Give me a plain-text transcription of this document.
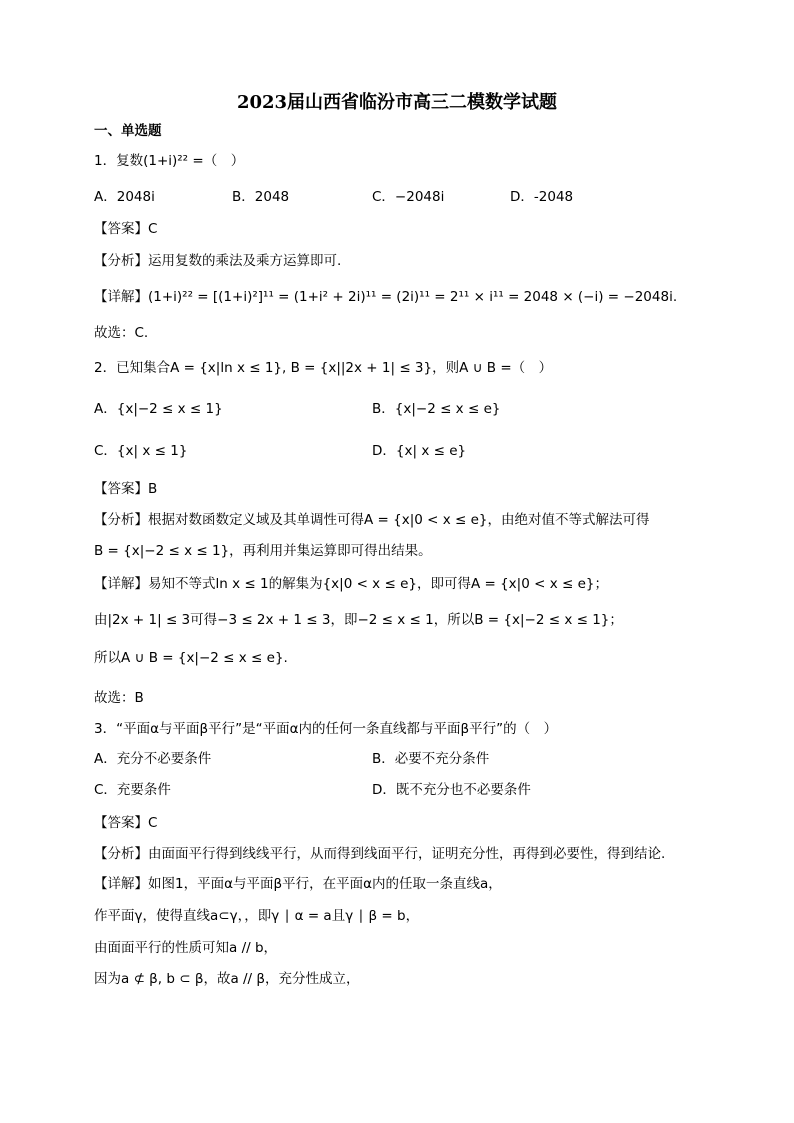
2023届山西省临汾市高三二模数学试题
一、单选题
1．复数(1+i)²² =（　）
A．2048i	B．2048	C．−2048i	D．-2048
【答案】C
【分析】运用复数的乘法及乘方运算即可.
【详解】(1+i)²² = [(1+i)²]¹¹ = (1+i² + 2i)¹¹ = (2i)¹¹ = 2¹¹ × i¹¹ = 2048 × (−i) = −2048i.
故选：C.
2．已知集合A = {x|ln x ≤ 1}, B = {x||2x + 1| ≤ 3}，则A ∪ B =（　）
A．{x|−2 ≤ x ≤ 1}	B．{x|−2 ≤ x ≤ e}
C．{x| x ≤ 1}	D．{x| x ≤ e}
【答案】B
【分析】根据对数函数定义域及其单调性可得A = {x|0 < x ≤ e}，由绝对值不等式解法可得
B = {x|−2 ≤ x ≤ 1}，再利用并集运算即可得出结果。
【详解】易知不等式ln x ≤ 1的解集为{x|0 < x ≤ e}，即可得A = {x|0 < x ≤ e}；
由|2x + 1| ≤ 3可得−3 ≤ 2x + 1 ≤ 3，即−2 ≤ x ≤ 1，所以B = {x|−2 ≤ x ≤ 1}；
所以A ∪ B = {x|−2 ≤ x ≤ e}.
故选：B
3．“平面α与平面β平行”是“平面α内的任何一条直线都与平面β平行”的（　）
A．充分不必要条件	B．必要不充分条件
C．充要条件	D．既不充分也不必要条件
【答案】C
【分析】由面面平行得到线线平行，从而得到线面平行，证明充分性，再得到必要性，得到结论.
【详解】如图1，平面α与平面β平行，在平面α内的任取一条直线a，
作平面γ，使得直线a⊂γ，，即γ ∣ α = a且γ ∣ β = b，
由面面平行的性质可知a // b，
因为a ⊄ β, b ⊂ β，故a // β，充分性成立，
